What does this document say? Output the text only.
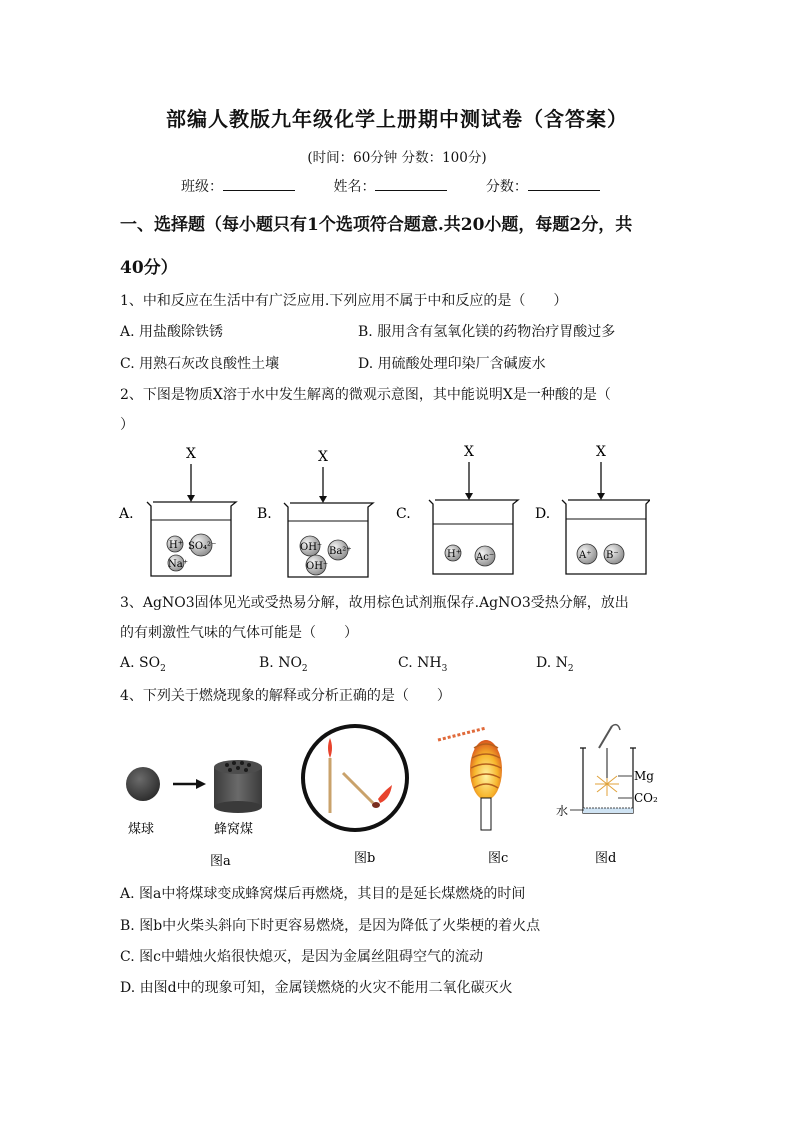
部编人教版九年级化学上册期中测试卷（含答案）
(时间：60分钟 分数：100分)
班级：	姓名：	分数：
一、选择题（每小题只有1个选项符合题意.共20小题，每题2分，共
40分）
1、中和反应在生活中有广泛应用.下列应用不属于中和反应的是（　　）
A. 用盐酸除铁锈	B. 服用含有氢氧化镁的药物治疗胃酸过多
C. 用熟石灰改良酸性土壤	D. 用硫酸处理印染厂含碱废水
2、下图是物质X溶于水中发生解离的微观示意图，其中能说明X是一种酸的是（
）
A.	B.	C.	D.
X
H⁺ SO₄²⁻
Na⁺
X
OH⁻ Ba²⁺
OH⁻
X
H⁺ Ac⁻
X
A⁺ B⁻
3、AgNO3固体见光或受热易分解，故用棕色试剂瓶保存.AgNO3受热分解，放出
的有刺激性气味的气体可能是（　　）
A. $SO_2$	B. $NO_2$	C. $NH_3$	D. $N_2$
4、下列关于燃烧现象的解释或分析正确的是（　　）
煤球	蜂窝煤
图a	图b	图c
Mg
CO₂
水
图d
A. 图a中将煤球变成蜂窝煤后再燃烧，其目的是延长煤燃烧的时间
B. 图b中火柴头斜向下时更容易燃烧，是因为降低了火柴梗的着火点
C. 图c中蜡烛火焰很快熄灭，是因为金属丝阻碍空气的流动
D. 由图d中的现象可知，金属镁燃烧的火灾不能用二氧化碳灭火
